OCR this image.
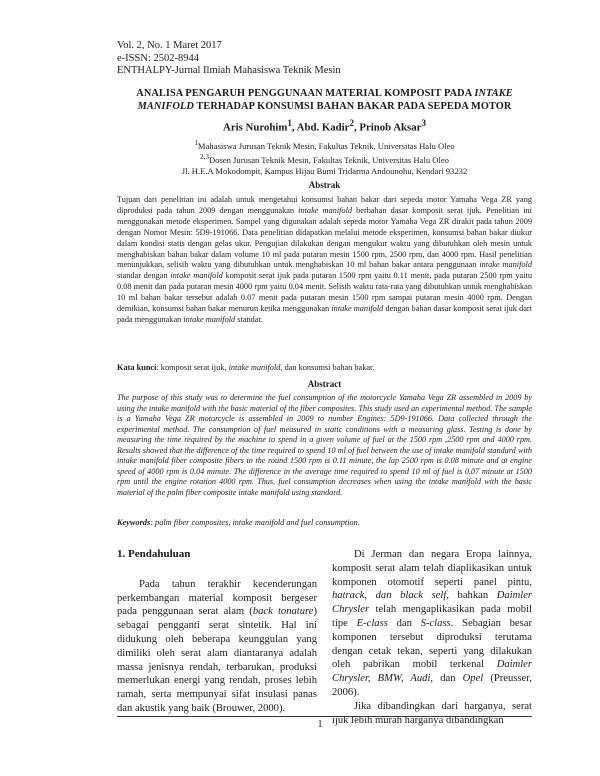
Vol. 2, No. 1 Maret 2017
e-ISSN: 2502-8944
ENTHALPY-Jurnal Ilmiah Mahasiswa Teknik Mesin
ANALISA PENGARUH PENGGUNAAN MATERIAL KOMPOSIT PADA INTAKE MANIFOLD TERHADAP KONSUMSI BAHAN BAKAR PADA SEPEDA MOTOR
Aris Nurohim$^1$, Abd. Kadir$^2$, Prinob Aksar$^3$
$^1$Mahasiswa Jurusan Teknik Mesin, Fakultas Teknik, Universitas Halu Oleo
$^{2,3}$Dosen Jurusan Teknik Mesin, Fakultas Teknik, Universitas Halu Oleo
Jl. H.E.A Mokodompit, Kampus Hijau Bumi Tridarma Andounohu, Kendari 93232
Abstrak
Tujuan dari penelitian ini adalah untuk mengetahui konsumsi bahan bakar dari sepeda motor Yamaha Vega ZR yang diproduksi pada tahun 2009 dengan menggunakan intake manifold berbahan dasar komposit serat ijuk. Penelitian ini menggunakan metode eksperimen. Sampel yang digunakan adalah sepeda motor Yamaha Vega ZR dirakit pada tahun 2009 dengan Nomor Mesin: 5D9-191066. Data penelitian didapatkan melalui metode eksperimen, konsumsi bahan bakar diukur dalam kondisi statis dengan gelas ukur. Pengujian dilakukan dengan mengukur waktu yang dibutuhkan oleh mesin untuk menghabiskan bahan bakar dalam volume 10 ml pada putaran mesin 1500 rpm, 2500 rpm, dan 4000 rpm. Hasil penelitian menunjukkan, selisih waktu yang dibutuhkan untuk menghabiskan 10 ml bahan bakar antara penggunaan intake manifold standar dengan intake manifold komposit serat ijuk pada putaran 1500 rpm yaitu 0.11 menit, pada putaran 2500 rpm yaitu 0.08 menit dan pada putaran mesin 4000 rpm yaitu 0.04 menit. Selisih waktu rata-rata yang dibutuhkan untuk menghabiskan 10 ml bahan bakar tersebut adalah 0.07 menit pada putaran mesin 1500 rpm sampai putaran mesin 4000 rpm. Dengan demikian, konsumsi bahan bakar menurun ketika menggunakan intake manifold dengan bahan dasar komposit serat ijuk dari pada menggunakan intake manifold standar.
Kata kunci: komposit serat ijuk, intake manifold, dan konsumsi bahan bakar.
Abstract
The purpose of this study was to determine the fuel consumption of the motorcycle Yamaha Vega ZR assembled in 2009 by using the intake manifold with the basic material of the fiber composites. This study used an experimental method. The sample is a Yamaha Vega ZR motorcycle is assembled in 2009 to number Engines: 5D9-191066. Data collected through the experimental method. The consumption of fuel measured in static conditions with a measuring glass. Testing is done by measuring the time required by the machine to spend in a given volume of fuel at the 1500 rpm ,2500 rpm and 4000 rpm. Results showed that the difference of the time required to spend 10 ml of fuel between the use of intake manifold standard with intake manifold fiber composite fibers in the round 1500 rpm is 0.11 minute, the lap 2500 rpm is 0.08 minute and at engine speed of 4000 rpm is 0.04 minute. The difference in the average time required to spend 10 ml of fuel is 0.07 minute at 1500 rpm until the engine rotation 4000 rpm. Thus, fuel consumption decreases when using the intake manifold with the basic material of the palm fiber composite intake manifold using standard.
Keywords: palm fiber composites, intake manifold and fuel consumption.
1. Pendahuluan

Pada tahun terakhir kecenderungan perkembangan material komposit bergeser pada penggunaan serat alam (back tonature) sebagai pengganti serat sintetik. Hal ini didukung oleh beberapa keunggulan yang dimiliki oleh serat alam diantaranya adalah massa jenisnya rendah, terbarukan, produksi memerlukan energi yang rendah, proses lebih ramah, serta mempunyai sifat insulasi panas dan akustik yang baik (Brouwer, 2000).

Di Jerman dan negara Eropa lainnya, komposit serat alam telah diaplikasikan untuk komponen otomotif seperti panel pintu, hatrack, dan black self, bahkan Daimler Chrysler telah mengaplikasikan pada mobil tipe E-class dan S-class. Sebagian besar komponen tersebut diproduksi terutama dengan cetak tekan, seperti yang dilakukan oleh pabrikan mobil terkenal Daimler Chrysler, BMW, Audi, dan Opel (Preusser, 2006).

Jika dibandingkan dari harganya, serat ijuk lebih murah harganya dibandingkan

1
